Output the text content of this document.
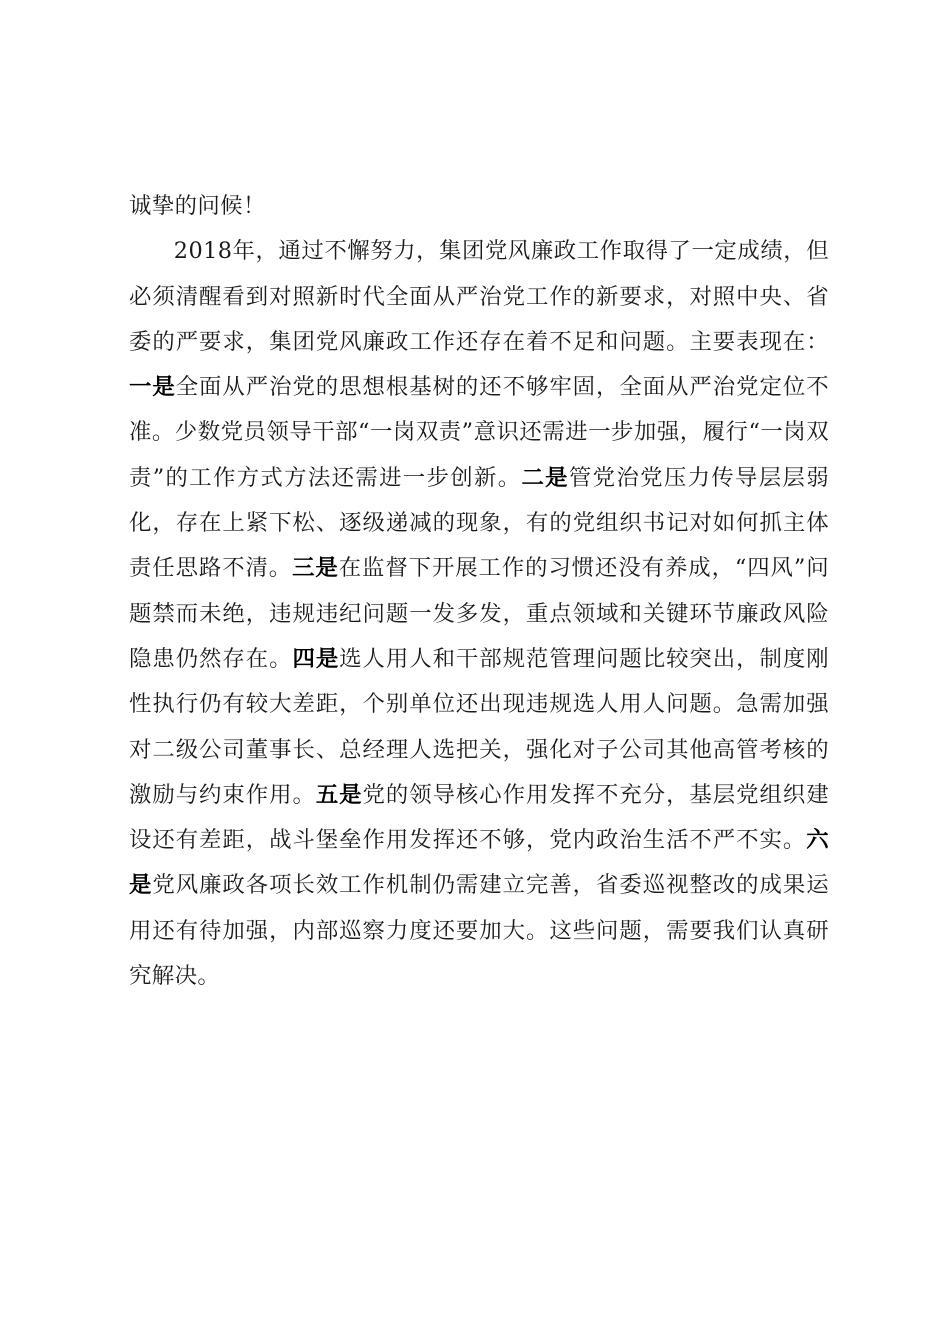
诚挚的问候！

2018年，通过不懈努力，集团党风廉政工作取得了一定成绩，但必须清醒看到对照新时代全面从严治党工作的新要求，对照中央、省委的严要求，集团党风廉政工作还存在着不足和问题。主要表现在：一是全面从严治党的思想根基树的还不够牢固，全面从严治党定位不准。少数党员领导干部“一岗双责”意识还需进一步加强，履行“一岗双责”的工作方式方法还需进一步创新。二是管党治党压力传导层层弱化，存在上紧下松、逐级递减的现象，有的党组织书记对如何抓主体责任思路不清。三是在监督下开展工作的习惯还没有养成，“四风”问题禁而未绝，违规违纪问题一发多发，重点领域和关键环节廉政风险隐患仍然存在。四是选人用人和干部规范管理问题比较突出，制度刚性执行仍有较大差距，个别单位还出现违规选人用人问题。急需加强对二级公司董事长、总经理人选把关，强化对子公司其他高管考核的激励与约束作用。五是党的领导核心作用发挥不充分，基层党组织建设还有差距，战斗堡垒作用发挥还不够，党内政治生活不严不实。六是党风廉政各项长效工作机制仍需建立完善，省委巡视整改的成果运用还有待加强，内部巡察力度还要加大。这些问题，需要我们认真研究解决。
